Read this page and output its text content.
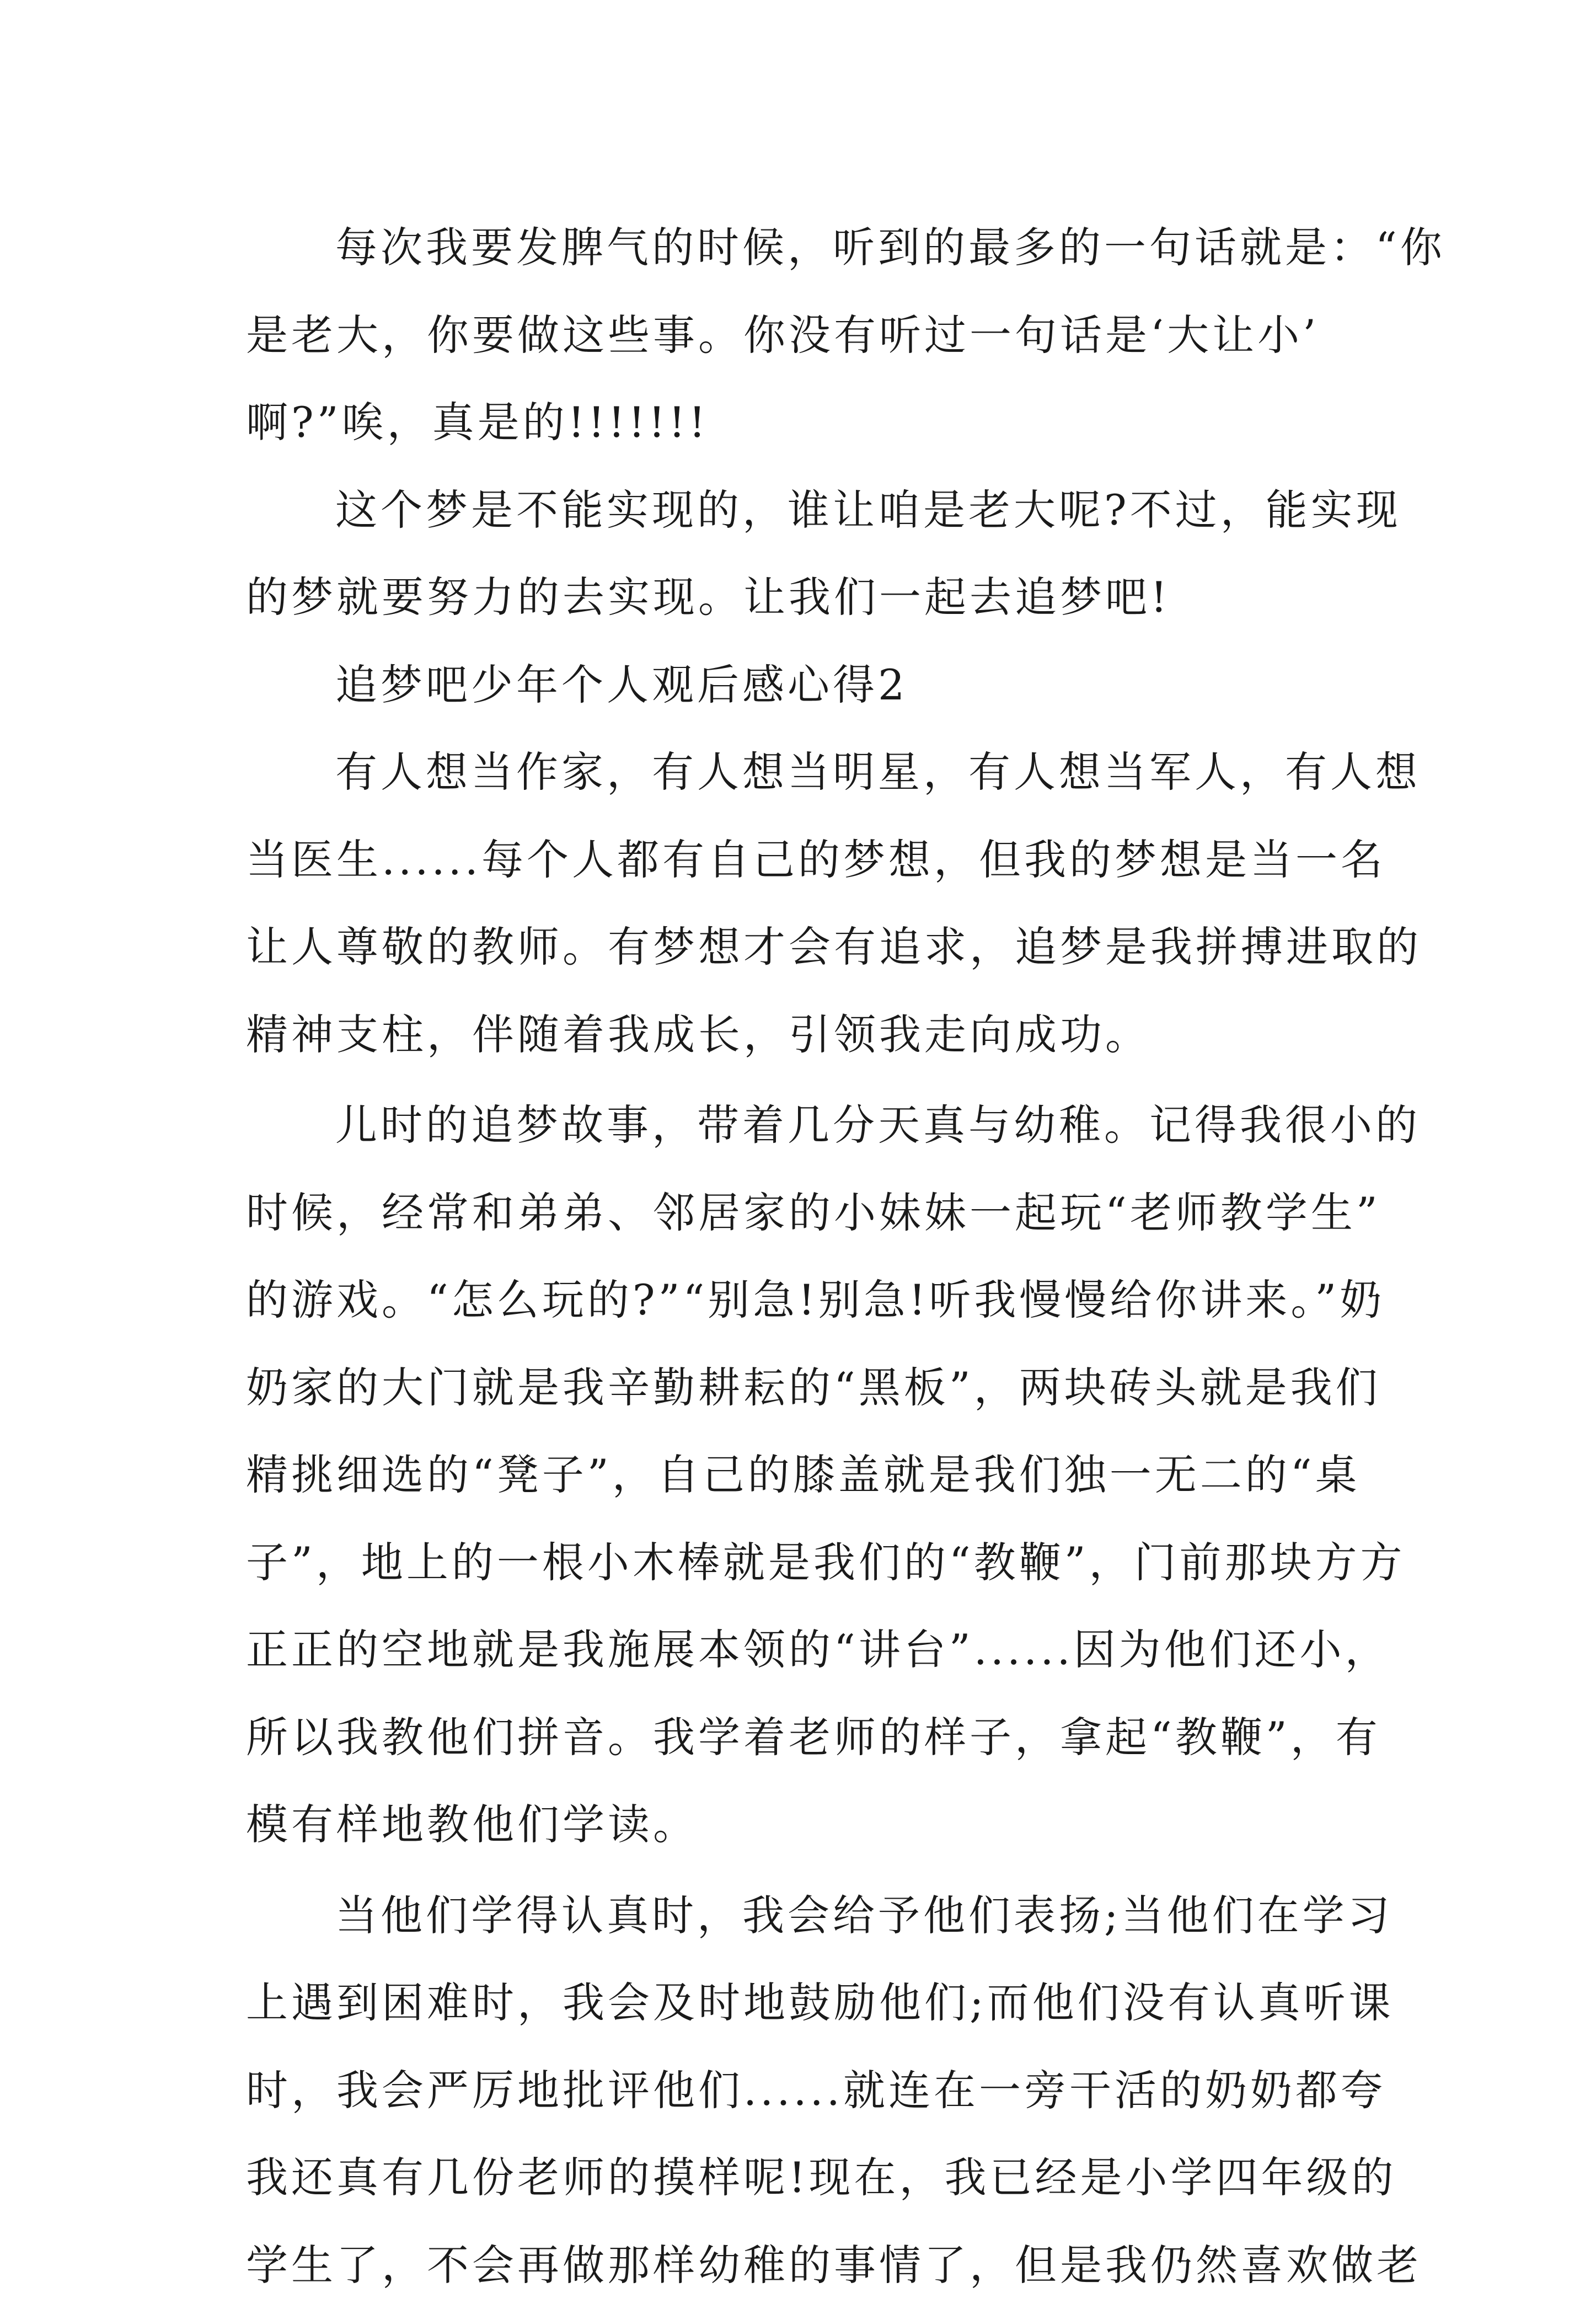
每次我要发脾气的时候，听到的最多的一句话就是：“你
是老大，你要做这些事。你没有听过一句话是‘大让小’
啊?”唉，真是的!!!!!!!
这个梦是不能实现的，谁让咱是老大呢?不过，能实现
的梦就要努力的去实现。让我们一起去追梦吧!
追梦吧少年个人观后感心得2
有人想当作家，有人想当明星，有人想当军人，有人想
当医生......每个人都有自己的梦想，但我的梦想是当一名
让人尊敬的教师。有梦想才会有追求，追梦是我拼搏进取的
精神支柱，伴随着我成长，引领我走向成功。
儿时的追梦故事，带着几分天真与幼稚。记得我很小的
时候，经常和弟弟、邻居家的小妹妹一起玩“老师教学生”
的游戏。“怎么玩的?”“别急!别急!听我慢慢给你讲来。”奶
奶家的大门就是我辛勤耕耘的“黑板”，两块砖头就是我们
精挑细选的“凳子”，自己的膝盖就是我们独一无二的“桌
子”，地上的一根小木棒就是我们的“教鞭”，门前那块方方
正正的空地就是我施展本领的“讲台”......因为他们还小，
所以我教他们拼音。我学着老师的样子，拿起“教鞭”，有
模有样地教他们学读。
当他们学得认真时，我会给予他们表扬;当他们在学习
上遇到困难时，我会及时地鼓励他们;而他们没有认真听课
时，我会严厉地批评他们......就连在一旁干活的奶奶都夸
我还真有几份老师的摸样呢!现在，我已经是小学四年级的
学生了，不会再做那样幼稚的事情了，但是我仍然喜欢做老
